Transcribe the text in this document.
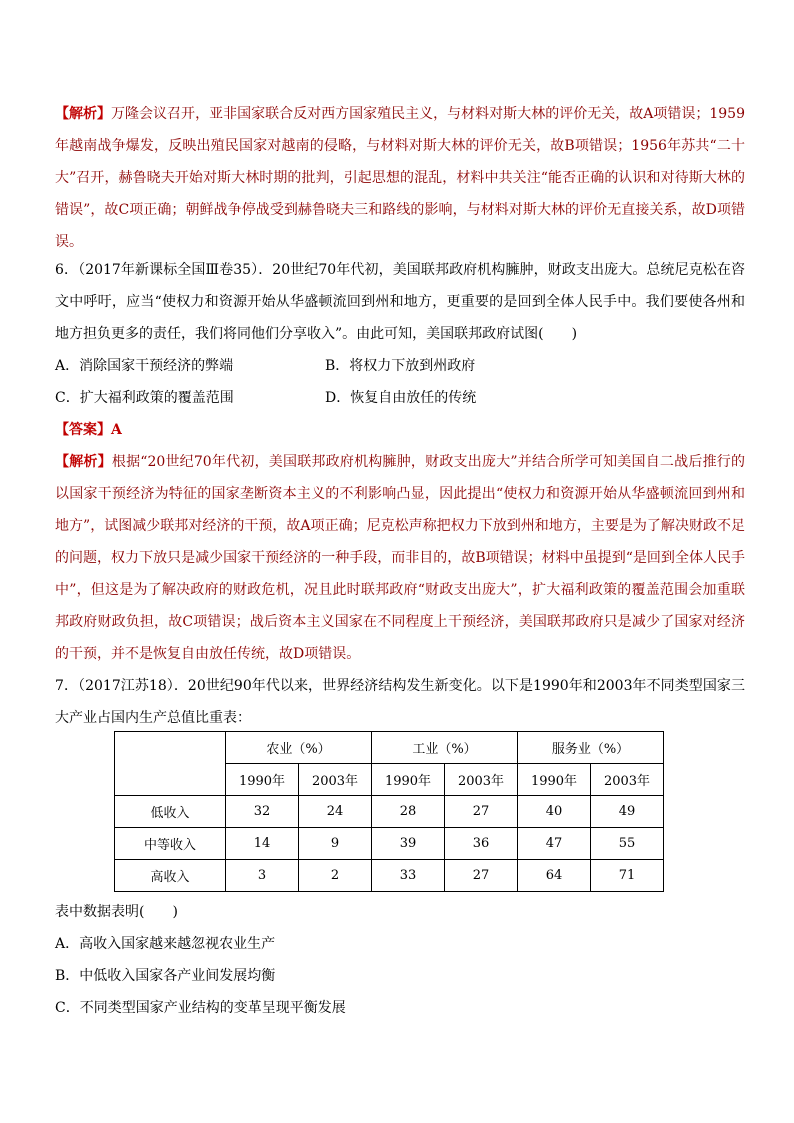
【解析】万隆会议召开，亚非国家联合反对西方国家殖民主义，与材料对斯大林的评价无关，故A项错误；1959年越南战争爆发，反映出殖民国家对越南的侵略，与材料对斯大林的评价无关，故B项错误；1956年苏共“二十大”召开，赫鲁晓夫开始对斯大林时期的批判，引起思想的混乱，材料中共关注“能否正确的认识和对待斯大林的错误”，故C项正确；朝鲜战争停战受到赫鲁晓夫三和路线的影响，与材料对斯大林的评价无直接关系，故D项错误。

6．（2017年新课标全国Ⅲ卷35）．20世纪70年代初，美国联邦政府机构臃肿，财政支出庞大。总统尼克松在咨文中呼吁，应当“使权力和资源开始从华盛顿流回到州和地方，更重要的是回到全体人民手中。我们要使各州和地方担负更多的责任，我们将同他们分享收入”。由此可知，美国联邦政府试图(　　)

A．消除国家干预经济的弊端	B．将权力下放到州政府
C．扩大福利政策的覆盖范围	D．恢复自由放任的传统

【答案】A

【解析】根据“20世纪70年代初，美国联邦政府机构臃肿，财政支出庞大”并结合所学可知美国自二战后推行的以国家干预经济为特征的国家垄断资本主义的不利影响凸显，因此提出“使权力和资源开始从华盛顿流回到州和地方”，试图减少联邦对经济的干预，故A项正确；尼克松声称把权力下放到州和地方，主要是为了解决财政不足的问题，权力下放只是减少国家干预经济的一种手段，而非目的，故B项错误；材料中虽提到“是回到全体人民手中”，但这是为了解决政府的财政危机，况且此时联邦政府“财政支出庞大”，扩大福利政策的覆盖范围会加重联邦政府财政负担，故C项错误；战后资本主义国家在不同程度上干预经济，美国联邦政府只是减少了国家对经济的干预，并不是恢复自由放任传统，故D项错误。

7．（2017江苏18）．20世纪90年代以来，世界经济结构发生新变化。以下是1990年和2003年不同类型国家三大产业占国内生产总值比重表：

	农业（%）		工业（%）		服务业（%）	
	1990年	2003年	1990年	2003年	1990年	2003年
低收入	32	24	28	27	40	49
中等收入	14	9	39	36	47	55
高收入	3	2	33	27	64	71
表中数据表明(　　)
A．高收入国家越来越忽视农业生产
B．中低收入国家各产业间发展均衡
C．不同类型国家产业结构的变革呈现平衡发展
